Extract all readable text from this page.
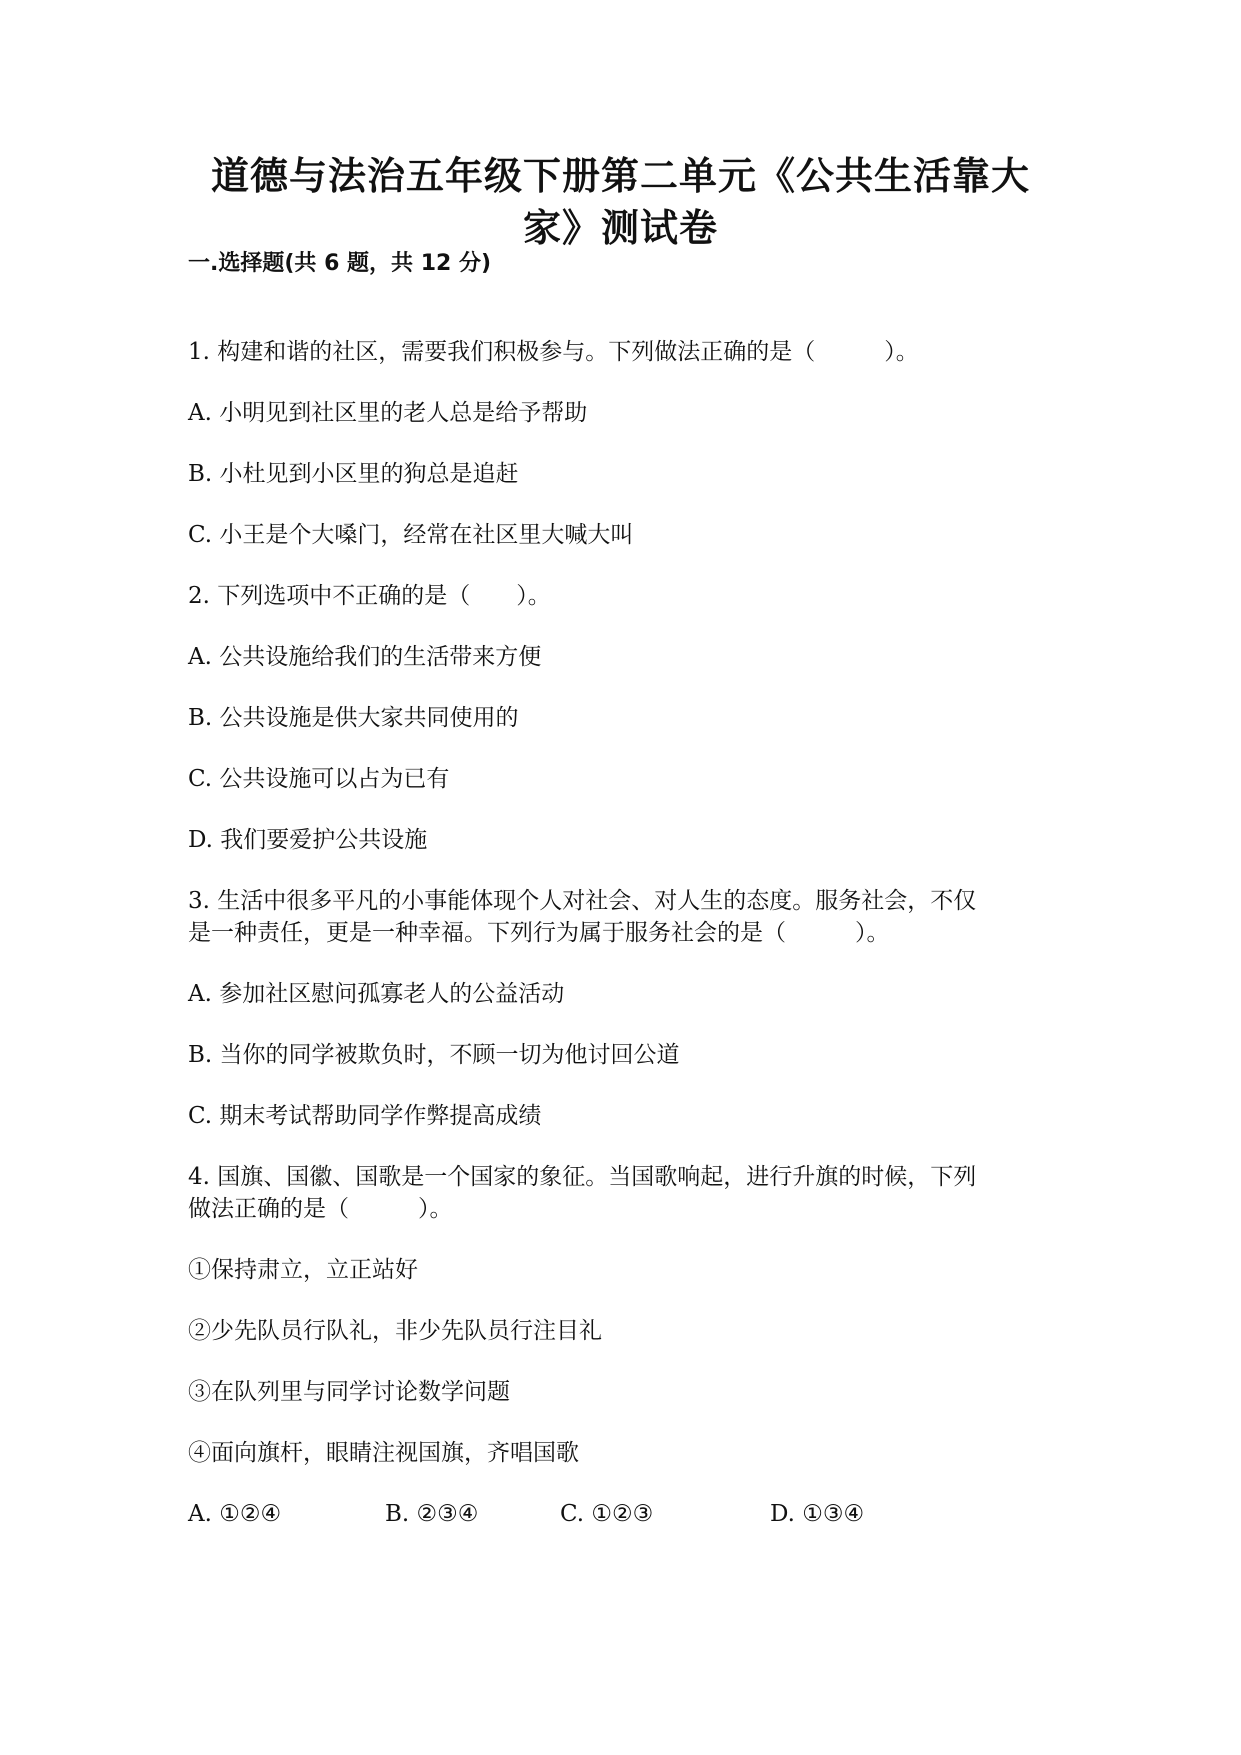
道德与法治五年级下册第二单元《公共生活靠大
家》测试卷
一.选择题(共 6 题，共 12 分)
1. 构建和谐的社区，需要我们积极参与。下列做法正确的是（　　　）。
A. 小明见到社区里的老人总是给予帮助
B. 小杜见到小区里的狗总是追赶
C. 小王是个大嗓门，经常在社区里大喊大叫
2. 下列选项中不正确的是（　　）。
A. 公共设施给我们的生活带来方便
B. 公共设施是供大家共同使用的
C. 公共设施可以占为已有
D. 我们要爱护公共设施
3. 生活中很多平凡的小事能体现个人对社会、对人生的态度。服务社会，不仅
是一种责任，更是一种幸福。下列行为属于服务社会的是（　　　）。
A. 参加社区慰问孤寡老人的公益活动
B. 当你的同学被欺负时，不顾一切为他讨回公道
C. 期末考试帮助同学作弊提高成绩
4. 国旗、国徽、国歌是一个国家的象征。当国歌响起，进行升旗的时候，下列
做法正确的是（　　　）。
①保持肃立，立正站好
②少先队员行队礼，非少先队员行注目礼
③在队列里与同学讨论数学问题
④面向旗杆，眼睛注视国旗，齐唱国歌
A. ①②④	B. ②③④	C. ①②③	D. ①③④
